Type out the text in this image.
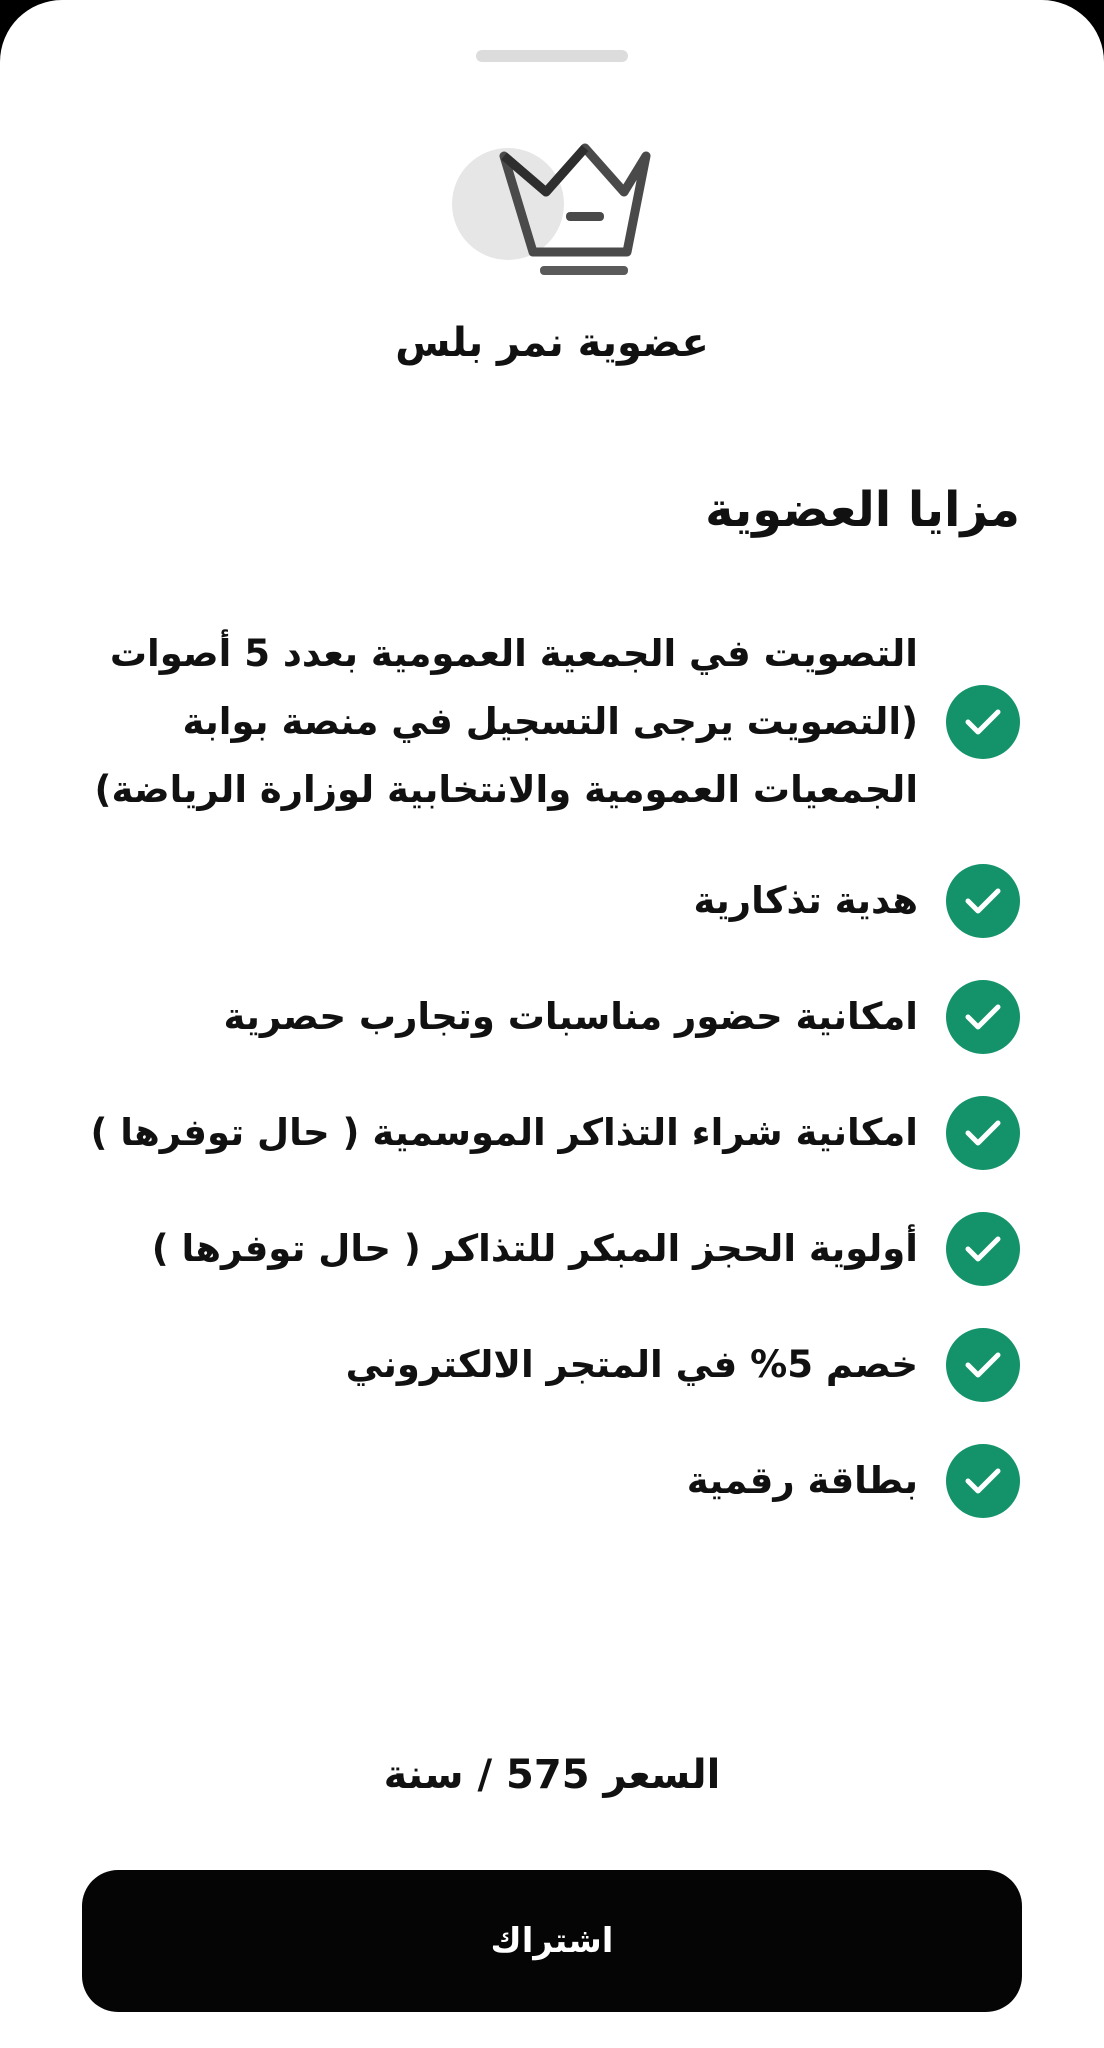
عضوية نمر بلس
مزايا العضوية
التصويت في الجمعية العمومية بعدد 5 أصوات (التصويت يرجى التسجيل في منصة بوابة الجمعيات العمومية والانتخابية لوزارة الرياضة)
هدية تذكارية
امكانية حضور مناسبات وتجارب حصرية
امكانية شراء التذاكر الموسمية ( حال توفرها )
أولوية الحجز المبكر للتذاكر ( حال توفرها )
خصم 5% في المتجر الالكتروني
بطاقة رقمية
السعر 575 / سنة
اشتراك
